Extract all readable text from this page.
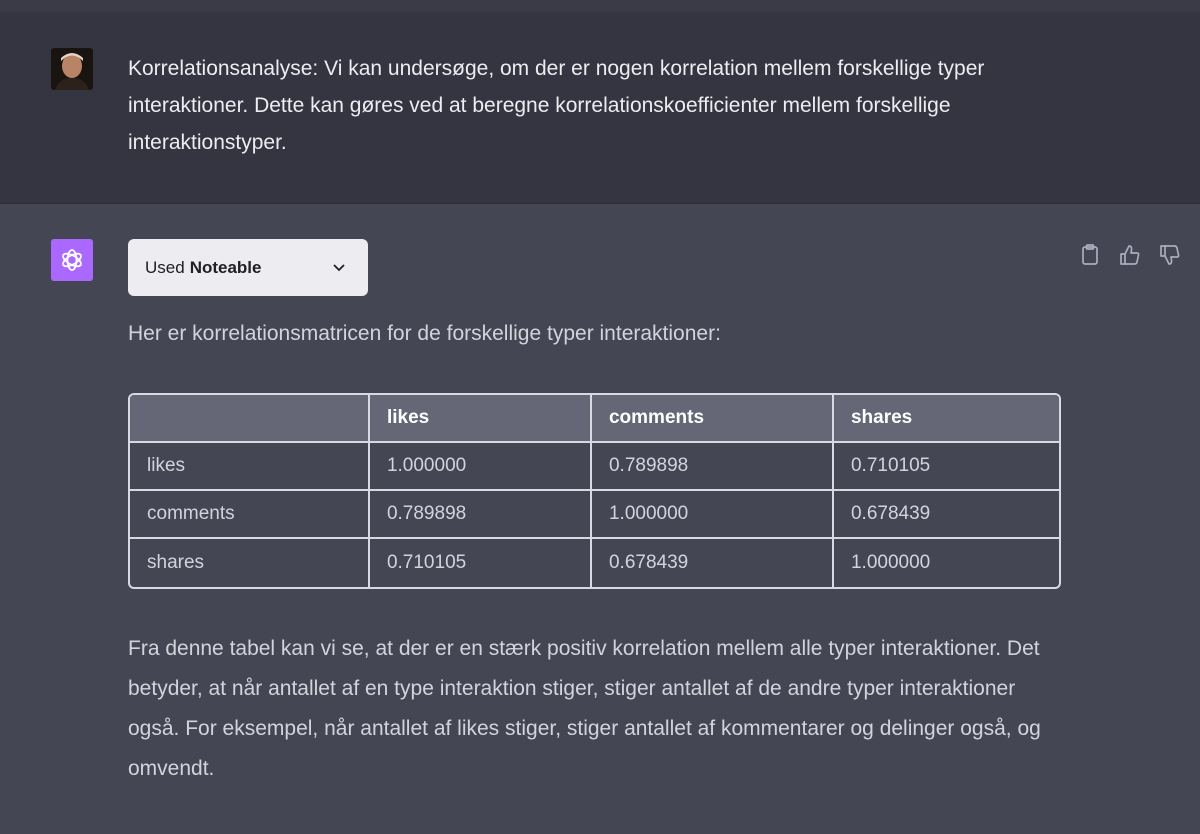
Korrelationsanalyse: Vi kan undersøge, om der er nogen korrelation mellem forskellige typer interaktioner. Dette kan gøres ved at beregne korrelationskoefficienter mellem forskellige interaktionstyper.
Used Noteable
Her er korrelationsmatricen for de forskellige typer interaktioner:
	likes	comments	shares
likes	1.000000	0.789898	0.710105
comments	0.789898	1.000000	0.678439
shares	0.710105	0.678439	1.000000
Fra denne tabel kan vi se, at der er en stærk positiv korrelation mellem alle typer interaktioner. Det betyder, at når antallet af en type interaktion stiger, stiger antallet af de andre typer interaktioner også. For eksempel, når antallet af likes stiger, stiger antallet af kommentarer og delinger også, og omvendt.
